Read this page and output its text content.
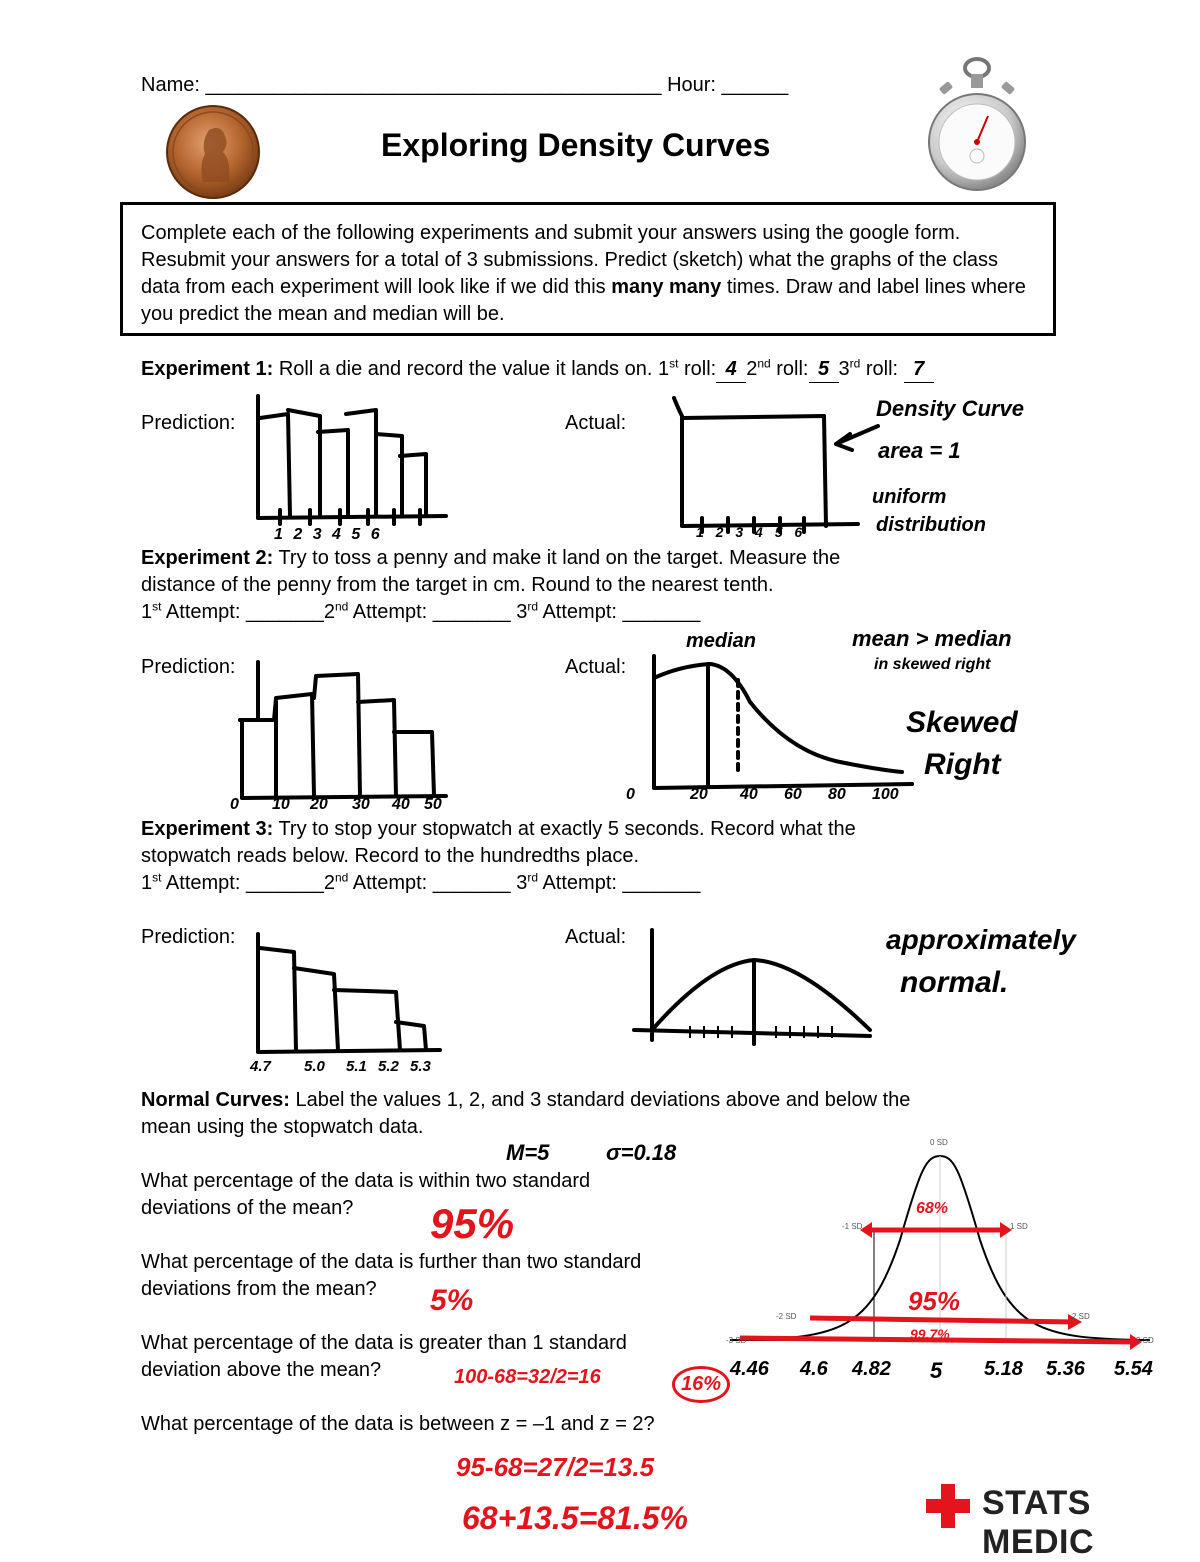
Name: _________________________________________ Hour: ______
Exploring Density Curves
Complete each of the following experiments and submit your answers using the google form. Resubmit your answers for a total of 3 submissions. Predict (sketch) what the graphs of the class data from each experiment will look like if we did this many many times. Draw and label lines where you predict the mean and median will be.
Experiment 1: Roll a die and record the value it lands on. 1st roll: 4 2nd roll: 5 3rd roll: 7
Prediction:	Actual:
1 2 3 4 5 6	1 2 3 4 5 6
Density Curve
area = 1
uniform
distribution
Experiment 2: Try to toss a penny and make it land on the target. Measure the
distance of the penny from the target in cm. Round to the nearest tenth.
1st Attempt: _______2nd Attempt: _______ 3rd Attempt: _______
Prediction:	Actual:
0 10 20 30 40 50
median
0	20 40 60 80 100
mean > median
in skewed right
Skewed
Right
Experiment 3: Try to stop your stopwatch at exactly 5 seconds. Record what the
stopwatch reads below. Record to the hundredths place.
1st Attempt: _______2nd Attempt: _______ 3rd Attempt: _______
Prediction:	Actual:
4.7 5.0 5.1 5.2 5.3
approximately
normal.
Normal Curves: Label the values 1, 2, and 3 standard deviations above and below the
mean using the stopwatch data.
M=5	σ=0.18
What percentage of the data is within two standard
deviations of the mean? 95%
What percentage of the data is further than two standard
deviations from the mean? 5%
What percentage of the data is greater than 1 standard
deviation above the mean?	100-68=32/2=16	16%
What percentage of the data is between z = –1 and z = 2?
95-68=27/2=13.5
68+13.5=81.5%
0 SD
-1 SD	1 SD
-2 SD	2 SD
-3 SD	3 SD
68%
95%
99.7%
4.46 4.6 4.82 5 5.18 5.36 5.54
STATS MEDIC
